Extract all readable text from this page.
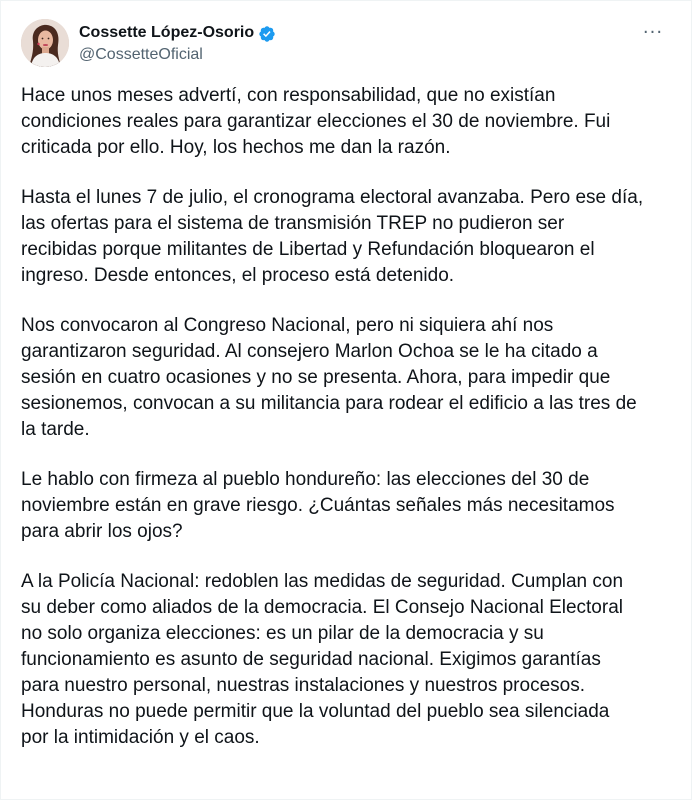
Cossette López-Osorio
@CossetteOficial
···

Hace unos meses advertí, con responsabilidad, que no existían
condiciones reales para garantizar elecciones el 30 de noviembre. Fui
criticada por ello. Hoy, los hechos me dan la razón.

Hasta el lunes 7 de julio, el cronograma electoral avanzaba. Pero ese día,
las ofertas para el sistema de transmisión TREP no pudieron ser
recibidas porque militantes de Libertad y Refundación bloquearon el
ingreso. Desde entonces, el proceso está detenido.

Nos convocaron al Congreso Nacional, pero ni siquiera ahí nos
garantizaron seguridad. Al consejero Marlon Ochoa se le ha citado a
sesión en cuatro ocasiones y no se presenta. Ahora, para impedir que
sesionemos, convocan a su militancia para rodear el edificio a las tres de
la tarde.

Le hablo con firmeza al pueblo hondureño: las elecciones del 30 de
noviembre están en grave riesgo. ¿Cuántas señales más necesitamos
para abrir los ojos?

A la Policía Nacional: redoblen las medidas de seguridad. Cumplan con
su deber como aliados de la democracia. El Consejo Nacional Electoral
no solo organiza elecciones: es un pilar de la democracia y su
funcionamiento es asunto de seguridad nacional. Exigimos garantías
para nuestro personal, nuestras instalaciones y nuestros procesos.
Honduras no puede permitir que la voluntad del pueblo sea silenciada
por la intimidación y el caos.
